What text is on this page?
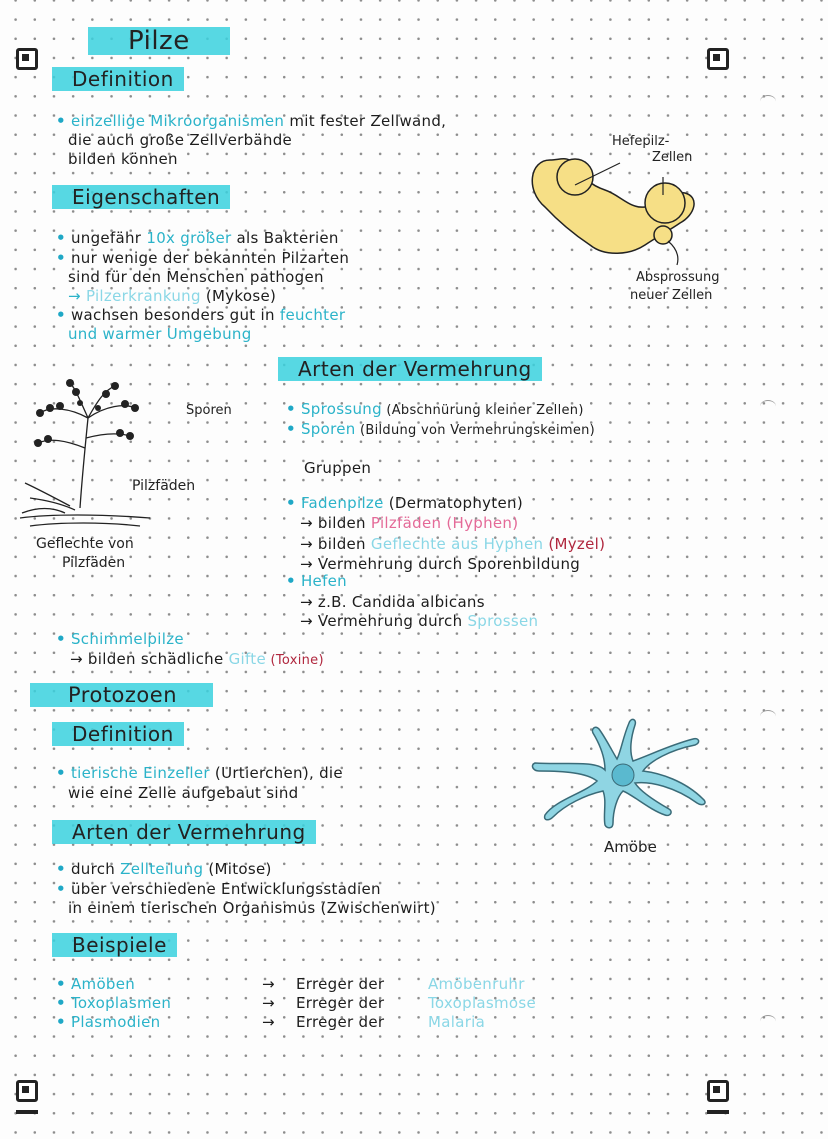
Pilze
Definition
• einzellige Mikroorganismen mit fester Zellwand,
die auch große Zellverbände
bilden können
Eigenschaften
• ungefähr 10x größer als Bakterien
• nur wenige der bekannten Pilzarten
sind für den Menschen pathogen
→ Pilzerkrankung (Mykose)
• wachsen besonders gut in feuchter
und warmer Umgebung
Hefepilz-
Zellen
Absprossung
neuer Zellen
Arten der Vermehrung
• Sprossung (Abschnürung kleiner Zellen)
• Sporen (Bildung von Vermehrungskeimen)
Gruppen
• Fadenpilze (Dermatophyten)
→ bilden Pilzfäden (Hyphen)
→ bilden Geflechte aus Hyphen (Myzel)
→ Vermehrung durch Sporenbildung
• Hefen
→ z.B. Candida albicans
→ Vermehrung durch Sprossen
Sporen
Pilzfäden
Geflechte von
Pilzfäden
• Schimmelpilze
→ bilden schädliche Gifte (Toxine)
Protozoen
Definition
• tierische Einzeller (Urtierchen), die
wie eine Zelle aufgebaut sind
Amöbe
Arten der Vermehrung
• durch Zellteilung (Mitose)
• über verschiedene Entwicklungsstadien
in einem tierischen Organismus (Zwischenwirt)
Beispiele
• Amöben	→ Erreger der	Amöbenruhr
• Toxoplasmen	→ Erreger der	Toxoplasmose
• Plasmodien	→ Erreger der	Malaria
